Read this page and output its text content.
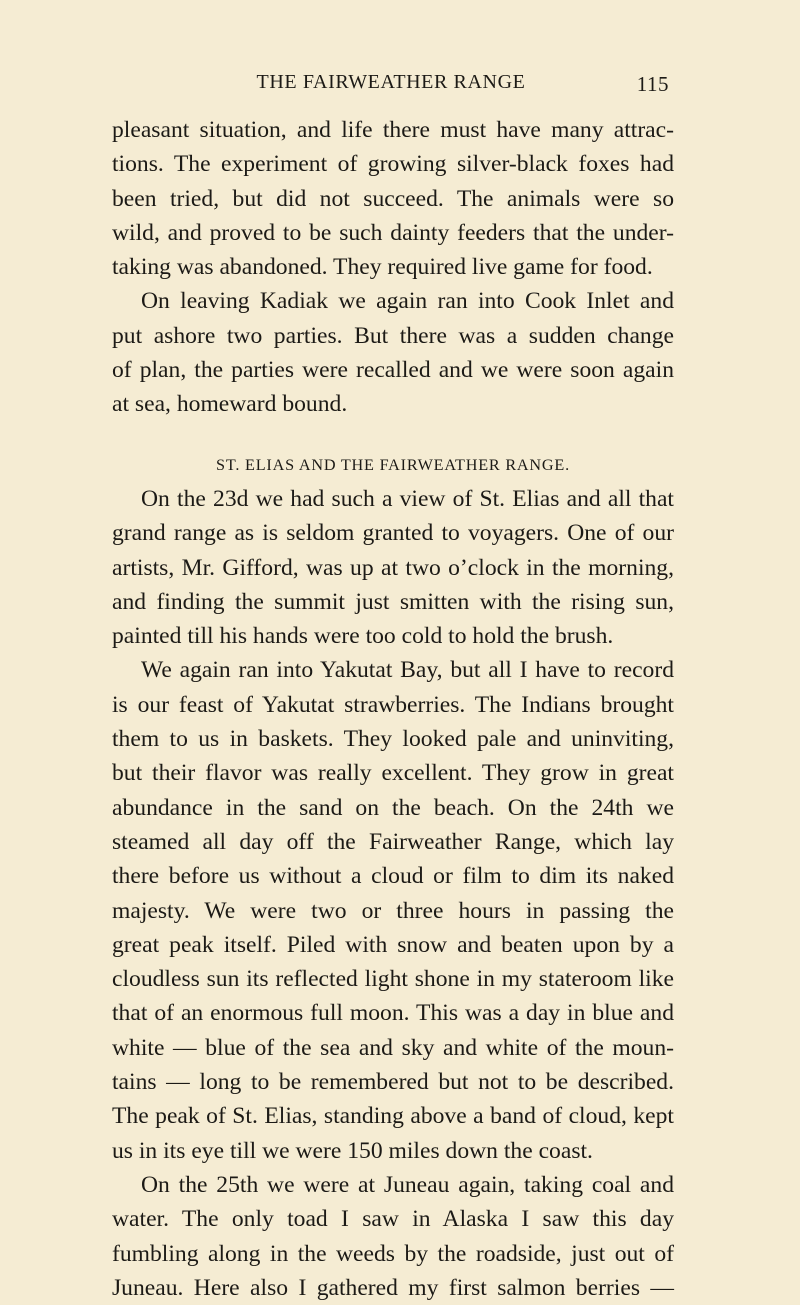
THE FAIRWEATHER RANGE	115
pleasant situation, and life there must have many attrac-
tions. The experiment of growing silver-black foxes had
been tried, but did not succeed. The animals were so
wild, and proved to be such dainty feeders that the under-
taking was abandoned. They required live game for food.
On leaving Kadiak we again ran into Cook Inlet and
put ashore two parties. But there was a sudden change
of plan, the parties were recalled and we were soon again
at sea, homeward bound.
ST. ELIAS AND THE FAIRWEATHER RANGE.
On the 23d we had such a view of St. Elias and all that
grand range as is seldom granted to voyagers. One of our
artists, Mr. Gifford, was up at two o’clock in the morning,
and finding the summit just smitten with the rising sun,
painted till his hands were too cold to hold the brush.
We again ran into Yakutat Bay, but all I have to record
is our feast of Yakutat strawberries. The Indians brought
them to us in baskets. They looked pale and uninviting,
but their flavor was really excellent. They grow in great
abundance in the sand on the beach. On the 24th we
steamed all day off the Fairweather Range, which lay
there before us without a cloud or film to dim its naked
majesty. We were two or three hours in passing the
great peak itself. Piled with snow and beaten upon by a
cloudless sun its reflected light shone in my stateroom like
that of an enormous full moon. This was a day in blue and
white — blue of the sea and sky and white of the moun-
tains — long to be remembered but not to be described.
The peak of St. Elias, standing above a band of cloud, kept
us in its eye till we were 150 miles down the coast.
On the 25th we were at Juneau again, taking coal and
water. The only toad I saw in Alaska I saw this day
fumbling along in the weeds by the roadside, just out of
Juneau. Here also I gathered my first salmon berries —
